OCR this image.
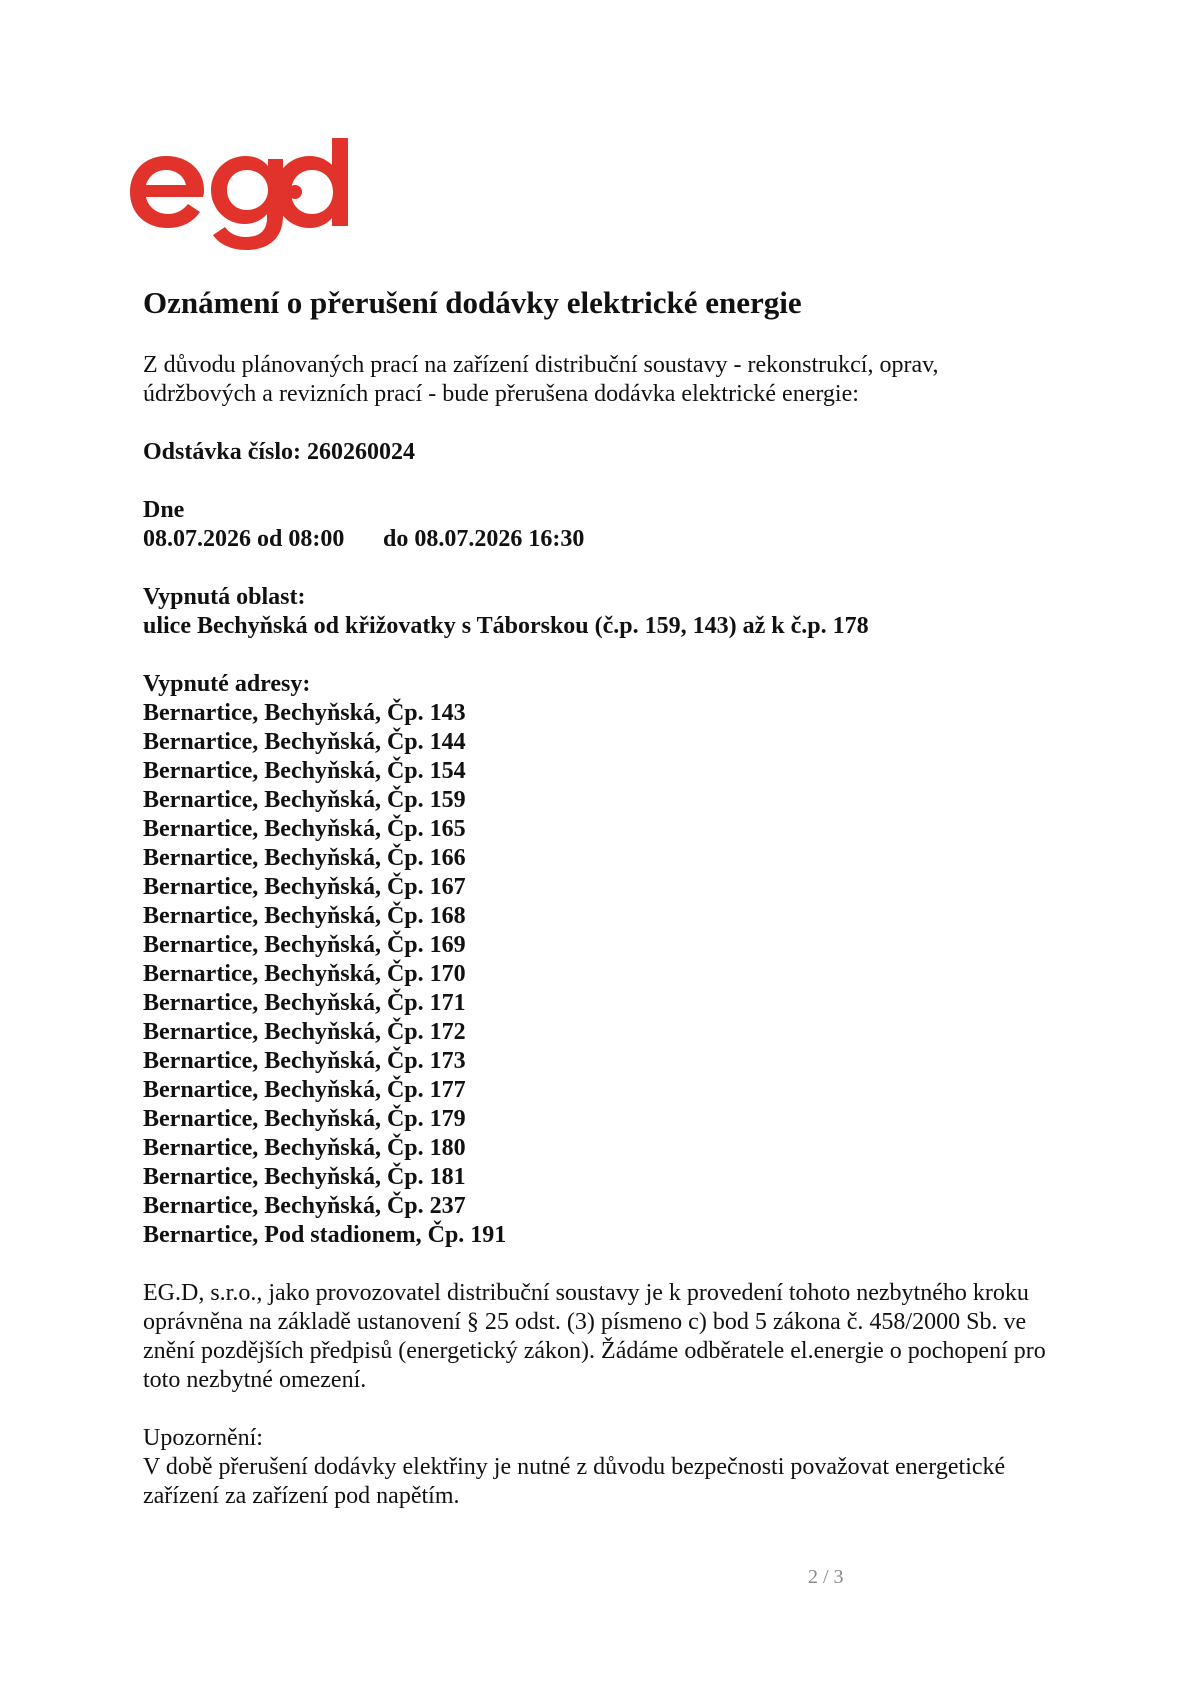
Oznámení o přerušení dodávky elektrické energie

Z důvodu plánovaných prací na zařízení distribuční soustavy - rekonstrukcí, oprav,

údržbových a revizních prací - bude přerušena dodávka elektrické energie:

Odstávka číslo: 260260024

Dne

08.07.2026 od 08:00 do 08.07.2026 16:30

Vypnutá oblast:

ulice Bechyňská od křižovatky s Táborskou (č.p. 159, 143) až k č.p. 178

Vypnuté adresy:

Bernartice, Bechyňská, Čp. 143
Bernartice, Bechyňská, Čp. 144
Bernartice, Bechyňská, Čp. 154
Bernartice, Bechyňská, Čp. 159
Bernartice, Bechyňská, Čp. 165
Bernartice, Bechyňská, Čp. 166
Bernartice, Bechyňská, Čp. 167
Bernartice, Bechyňská, Čp. 168
Bernartice, Bechyňská, Čp. 169
Bernartice, Bechyňská, Čp. 170
Bernartice, Bechyňská, Čp. 171
Bernartice, Bechyňská, Čp. 172
Bernartice, Bechyňská, Čp. 173
Bernartice, Bechyňská, Čp. 177
Bernartice, Bechyňská, Čp. 179
Bernartice, Bechyňská, Čp. 180
Bernartice, Bechyňská, Čp. 181
Bernartice, Bechyňská, Čp. 237
Bernartice, Pod stadionem, Čp. 191

EG.D, s.r.o., jako provozovatel distribuční soustavy je k provedení tohoto nezbytného kroku

oprávněna na základě ustanovení § 25 odst. (3) písmeno c) bod 5 zákona č. 458/2000 Sb. ve

znění pozdějších předpisů (energetický zákon). Žádáme odběratele el.energie o pochopení pro

toto nezbytné omezení.

Upozornění:

V době přerušení dodávky elektřiny je nutné z důvodu bezpečnosti považovat energetické

zařízení za zařízení pod napětím.

2 / 3
